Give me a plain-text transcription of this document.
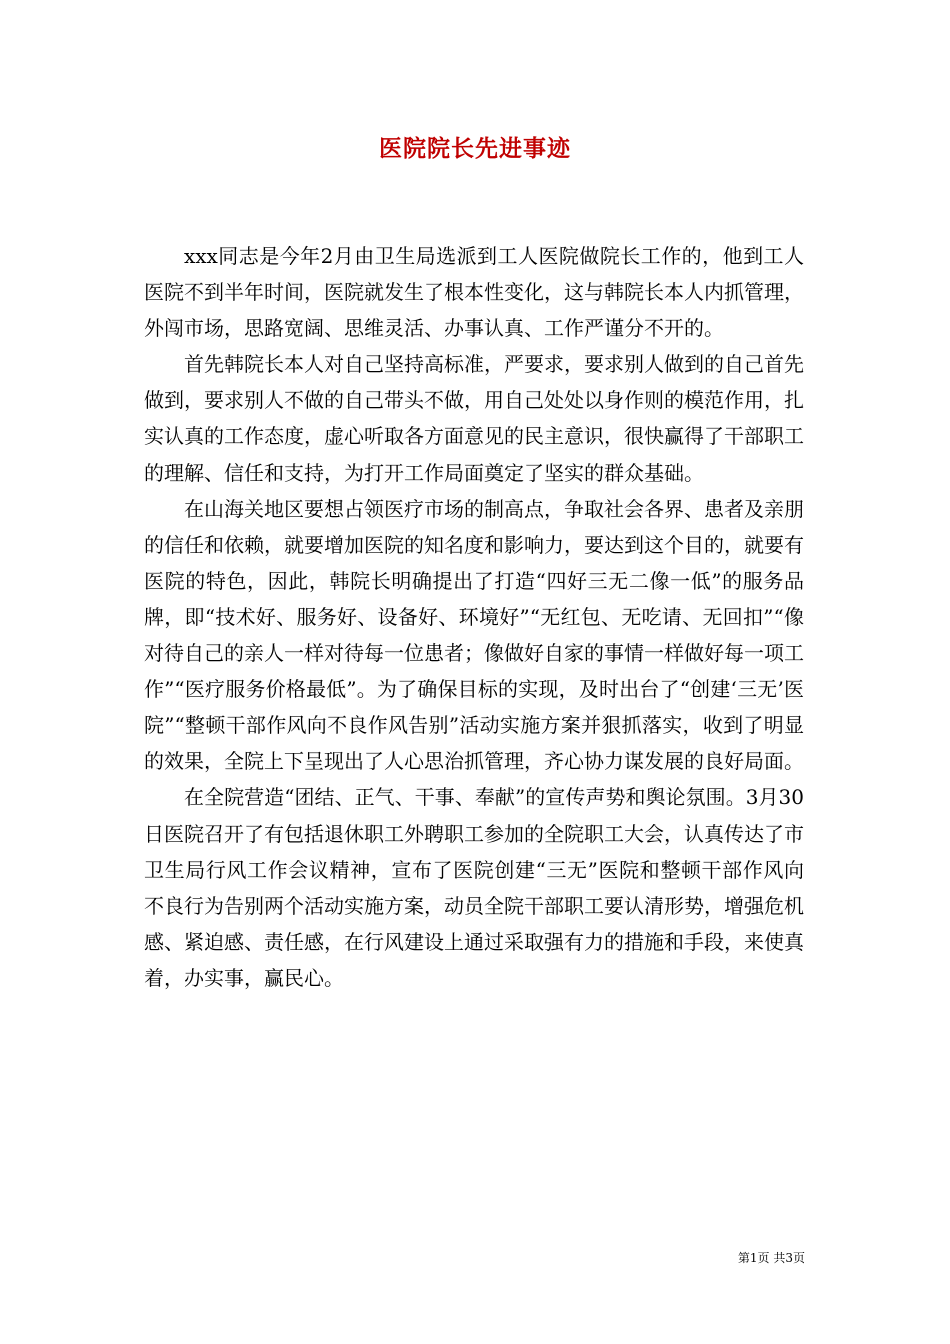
医院院长先进事迹

xxx同志是今年2月由卫生局选派到工人医院做院长工作的，他到工人医院不到半年时间，医院就发生了根本性变化，这与韩院长本人内抓管理，外闯市场，思路宽阔、思维灵活、办事认真、工作严谨分不开的。

首先韩院长本人对自己坚持高标准，严要求，要求别人做到的自己首先做到，要求别人不做的自己带头不做，用自己处处以身作则的模范作用，扎实认真的工作态度，虚心听取各方面意见的民主意识，很快赢得了干部职工的理解、信任和支持，为打开工作局面奠定了坚实的群众基础。

在山海关地区要想占领医疗市场的制高点，争取社会各界、患者及亲朋的信任和依赖，就要增加医院的知名度和影响力，要达到这个目的，就要有医院的特色，因此，韩院长明确提出了打造“四好三无二像一低”的服务品牌，即“技术好、服务好、设备好、环境好”“无红包、无吃请、无回扣”“像对待自己的亲人一样对待每一位患者；像做好自家的事情一样做好每一项工作”“医疗服务价格最低”。为了确保目标的实现，及时出台了“创建‘三无’医院”“整顿干部作风向不良作风告别”活动实施方案并狠抓落实，收到了明显的效果，全院上下呈现出了人心思治抓管理，齐心协力谋发展的良好局面。

在全院营造“团结、正气、干事、奉献”的宣传声势和舆论氛围。3月30日医院召开了有包括退休职工外聘职工参加的全院职工大会，认真传达了市卫生局行风工作会议精神，宣布了医院创建“三无”医院和整顿干部作风向不良行为告别两个活动实施方案，动员全院干部职工要认清形势，增强危机感、紧迫感、责任感，在行风建设上通过采取强有力的措施和手段，来使真着，办实事，赢民心。

第1页 共3页
